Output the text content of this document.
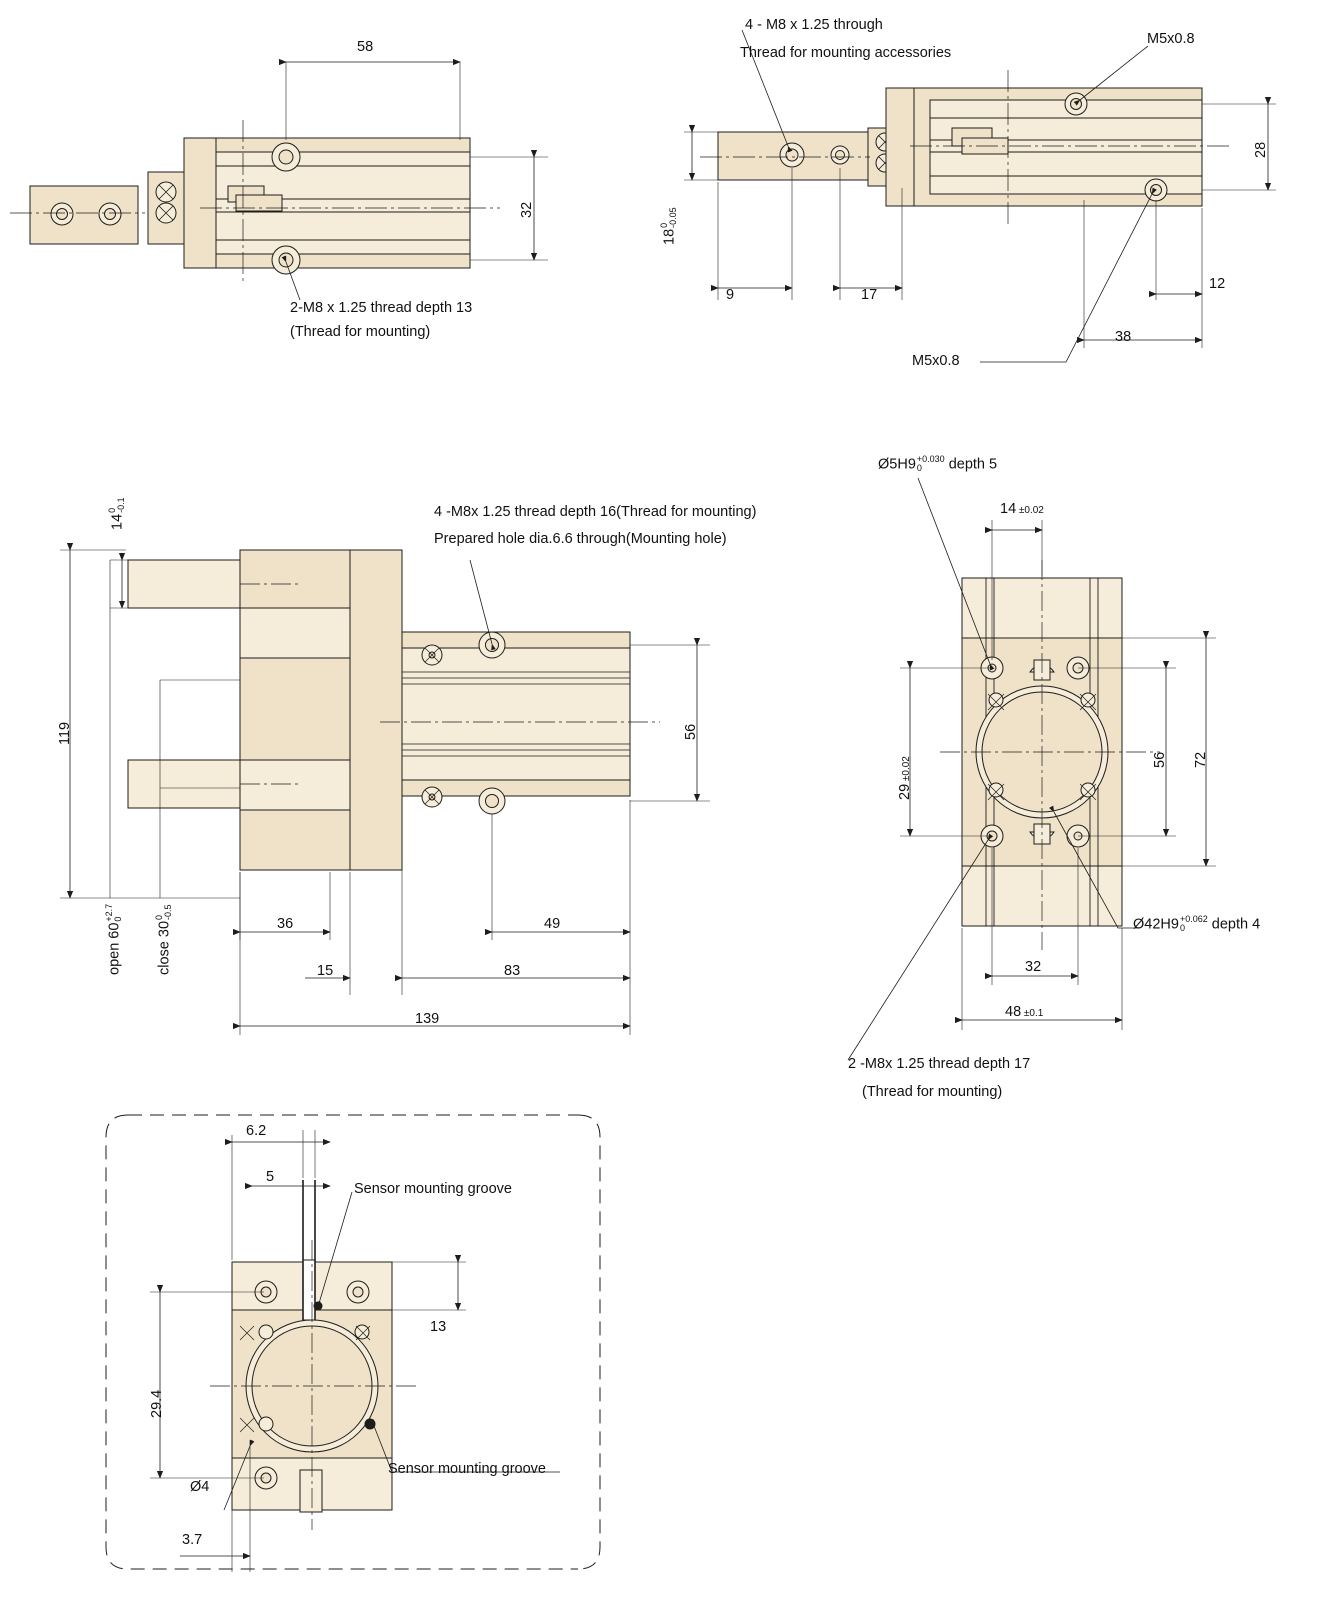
58
32
2-M8 x 1.25 thread depth 13
(Thread for mounting)
4 - M8 x 1.25 through
Thread for mounting accessories
M5x0.8
M5x0.8
18
0 -0.05
9	17
28
12
38
14
0 -0.1
119
open 60
+2.7 0
close 30
0 -0.5
56
36	49
15	83
139
4 -M8x 1.25 thread depth 16(Thread for mounting)
Prepared hole dia.6.6 through(Mounting hole)
Ø5H9 +0.030
0	depth 5
Ø42H9 +0.062
0	depth 4
2 -M8x 1.25 thread depth 17
(Thread for mounting)
14 ±0.02
29 ±0.02	56 72
32
48 ±0.1
6.2
5
29.4
13
Ø4
3.7
Sensor mounting groove
Sensor mounting groove
